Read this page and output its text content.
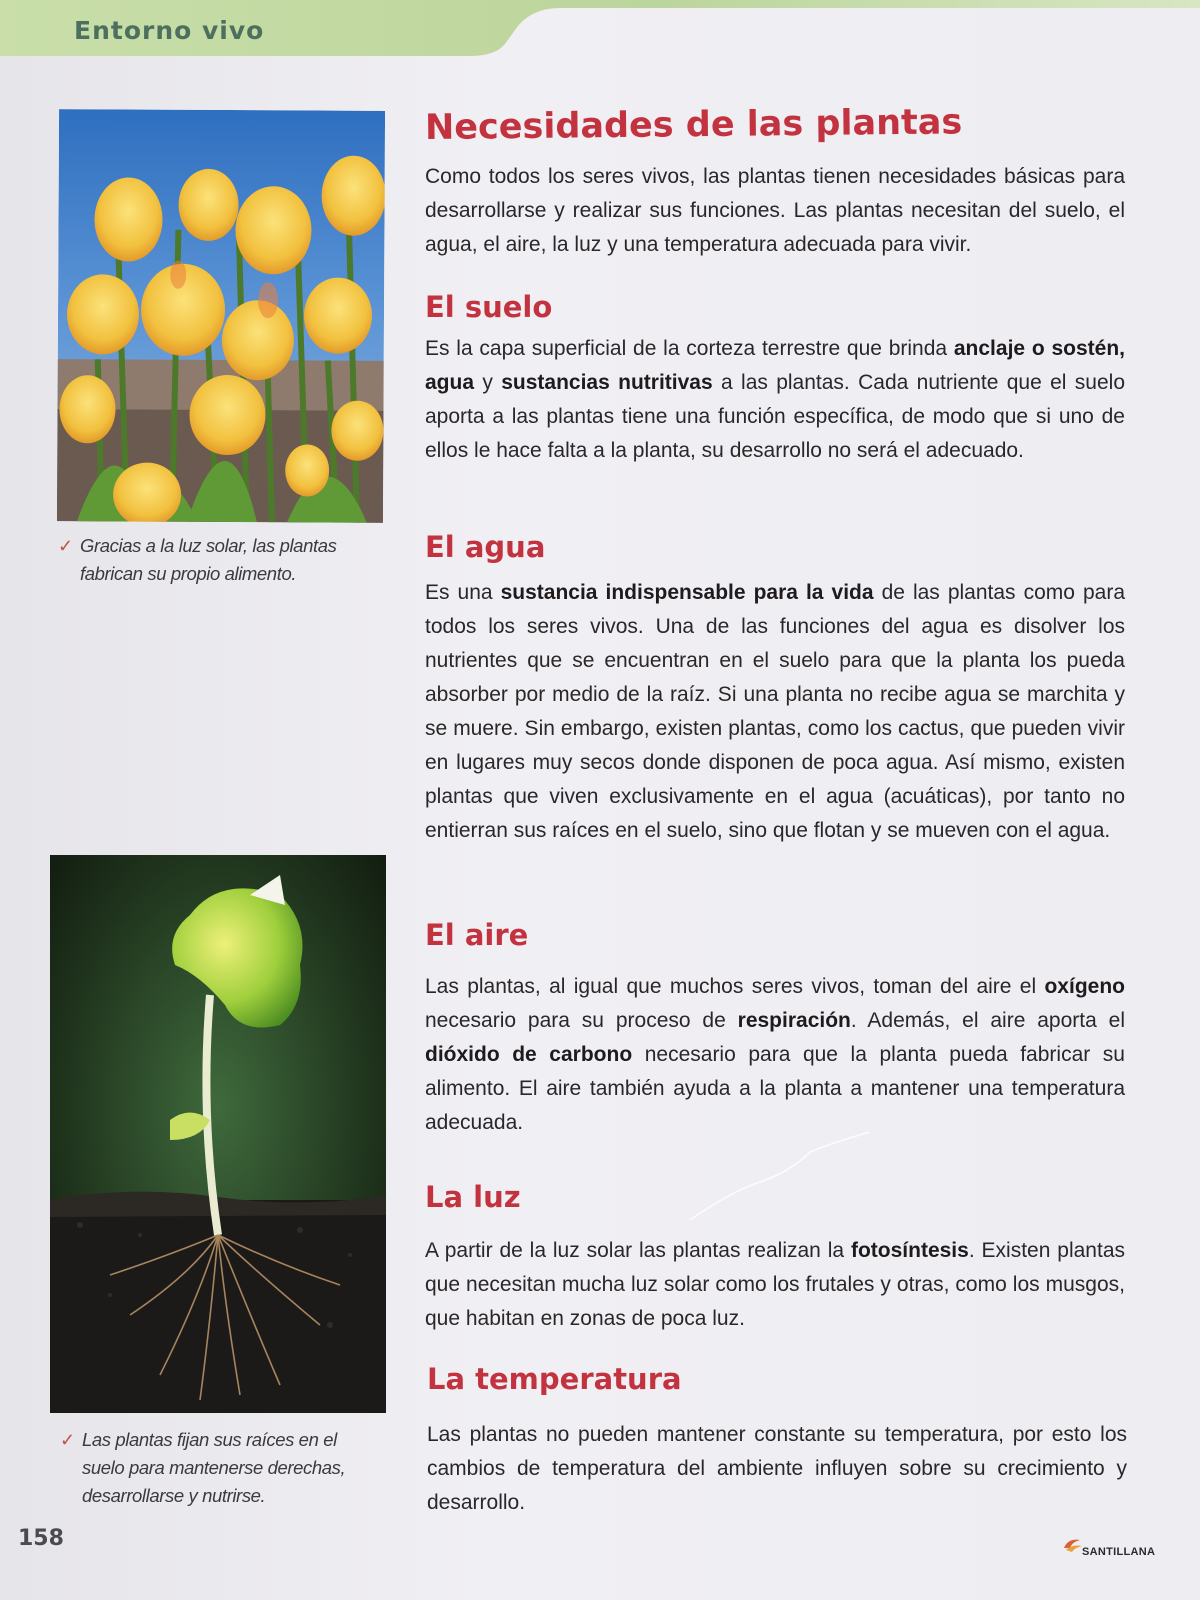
Entorno vivo
✓ Gracias a la luz solar, las plantas fabrican su propio alimento.
✓ Las plantas fijan sus raíces en el suelo para mantenerse derechas, desarrollarse y nutrirse.
Necesidades de las plantas

Como todos los seres vivos, las plantas tienen necesidades básicas para desarrollarse y realizar sus funciones. Las plantas necesitan del suelo, el agua, el aire, la luz y una temperatura adecuada para vivir.

El suelo

Es la capa superficial de la corteza terrestre que brinda anclaje o sostén, agua y sustancias nutritivas a las plantas. Cada nutriente que el suelo aporta a las plantas tiene una función específica, de modo que si uno de ellos le hace falta a la planta, su desarrollo no será el adecuado.

El agua

Es una sustancia indispensable para la vida de las plantas como para todos los seres vivos. Una de las funciones del agua es disolver los nutrientes que se encuentran en el suelo para que la planta los pueda absorber por medio de la raíz. Si una planta no recibe agua se marchita y se muere. Sin embargo, existen plantas, como los cactus, que pueden vivir en lugares muy secos donde disponen de poca agua. Así mismo, existen plantas que viven exclusivamente en el agua (acuáticas), por tanto no entierran sus raíces en el suelo, sino que flotan y se mueven con el agua.

El aire

Las plantas, al igual que muchos seres vivos, toman del aire el oxígeno necesario para su proceso de respiración. Además, el aire aporta el dióxido de carbono necesario para que la planta pueda fabricar su alimento. El aire también ayuda a la planta a mantener una temperatura adecuada.

La luz

A partir de la luz solar las plantas realizan la fotosíntesis. Existen plantas que necesitan mucha luz solar como los frutales y otras, como los musgos, que habitan en zonas de poca luz.

La temperatura

Las plantas no pueden mantener constante su temperatura, por esto los cambios de temperatura del ambiente influyen sobre su crecimiento y desarrollo.

158
SANTILLANA
